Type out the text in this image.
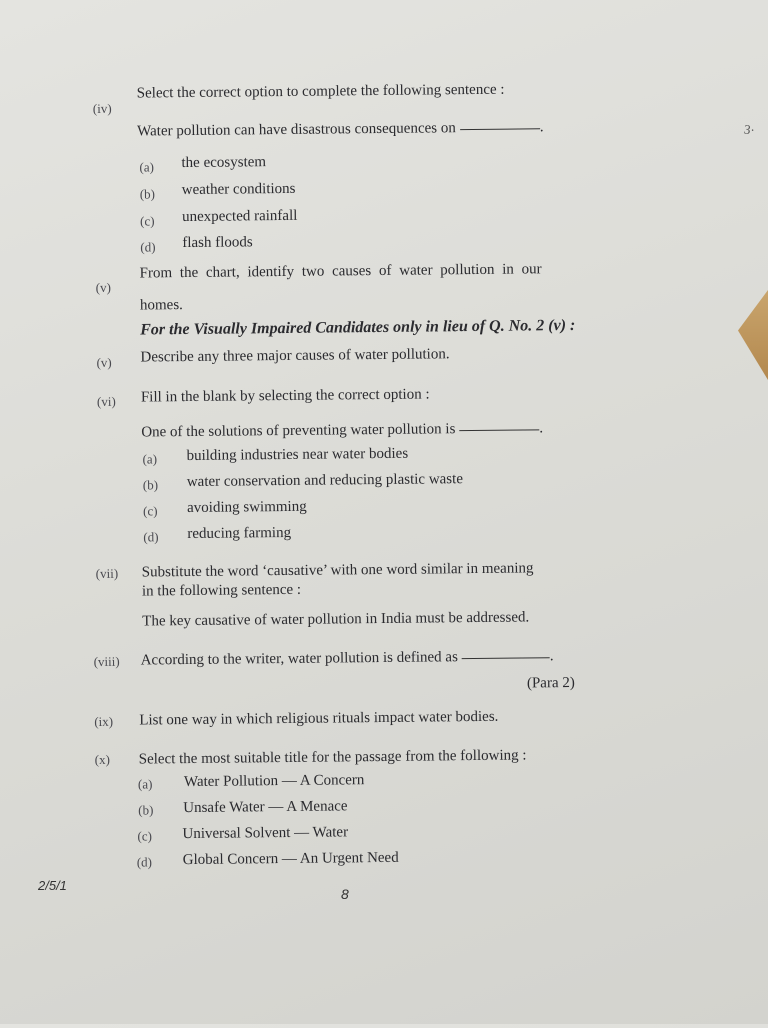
3·
(iv)
Select the correct option to complete the following sentence :
Water pollution can have disastrous consequences on	.
(a) the ecosystem
(b) weather conditions
(c) unexpected rainfall
(d) flash floods
(v)
From the chart, identify two causes of water pollution in our
homes.
For the Visually Impaired Candidates only in lieu of Q. No. 2 (v) :
(v) Describe any three major causes of water pollution.
(vi) Fill in the blank by selecting the correct option :
One of the solutions of preventing water pollution is	.
(a) building industries near water bodies
(b) water conservation and reducing plastic waste
(c) avoiding swimming
(d) reducing farming
(vii) Substitute the word ‘causative’ with one word similar in meaning
in the following sentence :
The key causative of water pollution in India must be addressed.
(viii) According to the writer, water pollution is defined as	.
(Para 2)
(ix) List one way in which religious rituals impact water bodies.
(x) Select the most suitable title for the passage from the following :
(a) Water Pollution — A Concern
(b) Unsafe Water — A Menace
(c) Universal Solvent — Water
(d) Global Concern — An Urgent Need
2/5/1
8
